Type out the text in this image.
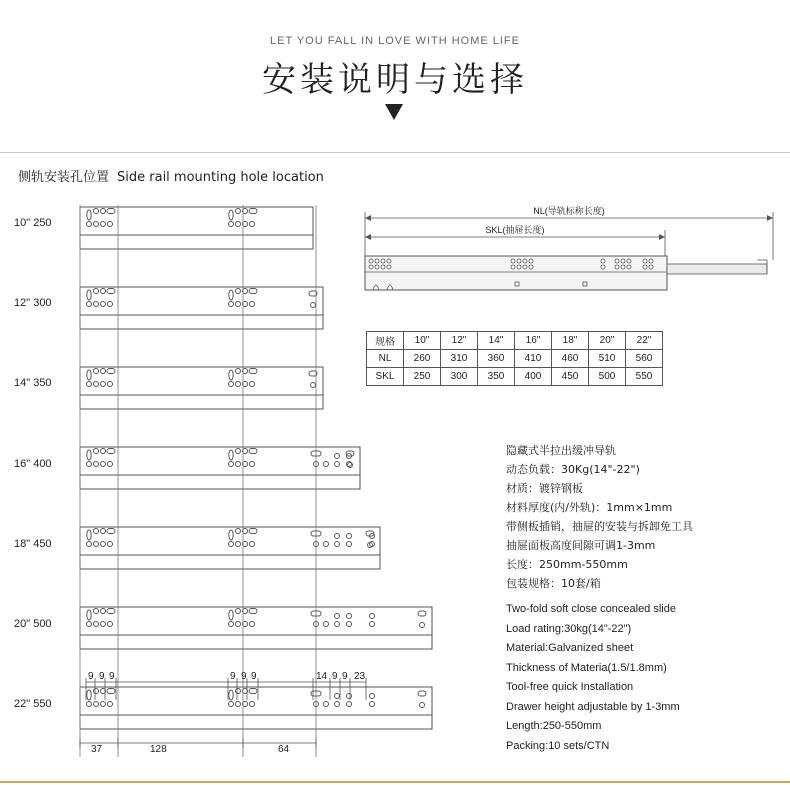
LET YOU FALL IN LOVE WITH HOME LIFE
安装说明与选择
侧轨安装孔位置 Side rail mounting hole location
10" 250
12" 300
14" 350
16" 400
18" 450
20" 500
22" 550
9 9 9	9 9 9	14 9 9 23
37	128	64
NL(导轨标称长度)
SKL(抽屉长度)
规格	10"	12"	14"	16"	18"	20"	22"
NL	260	310	360	410	460	510	560
SKL	250	300	350	400	450	500	550
隐藏式半拉出缓冲导轨
动态负载：30Kg(14"-22")
材质：镀锌钢板
材料厚度(内/外轨)：1mm×1mm
带侧板插销，抽屉的安装与拆卸免工具
抽屉面板高度间隙可调1-3mm
长度：250mm-550mm
包装规格：10套/箱
Two-fold soft close concealed slide
Load rating:30kg(14"-22")
Material:Galvanized sheet
Thickness of Materia(1.5/1.8mm)
Tool-free quick Installation
Drawer height adjustable by 1-3mm
Length:250-550mm
Packing:10 sets/CTN
